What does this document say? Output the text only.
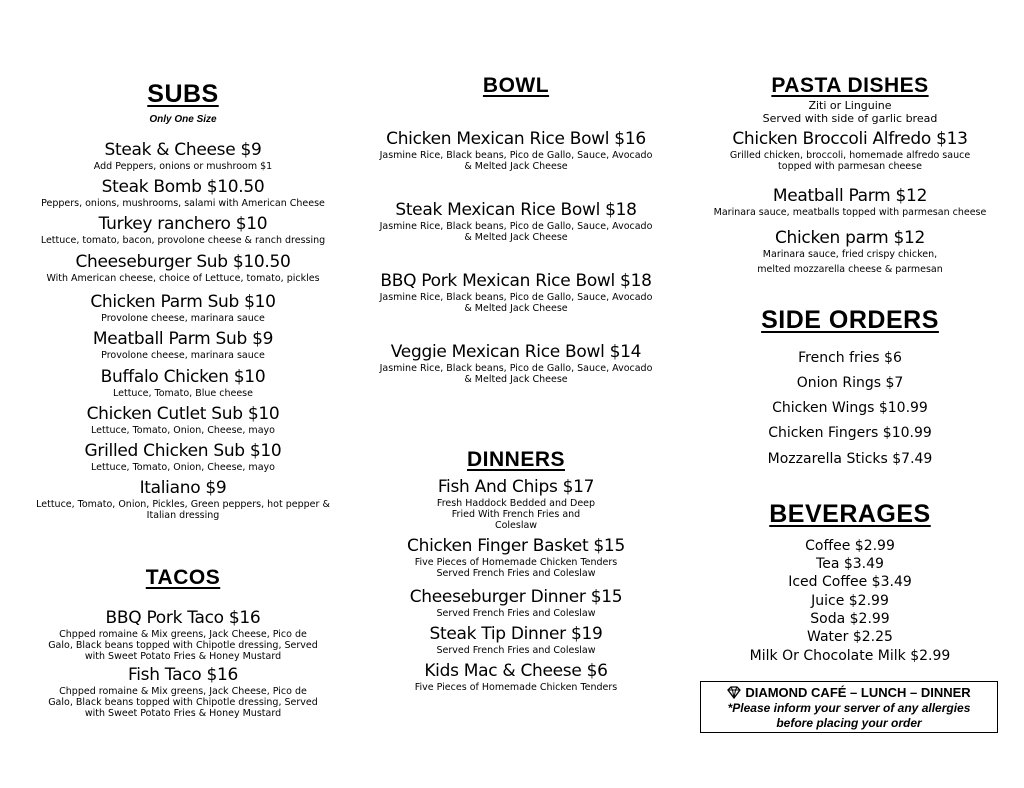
SUBS
Only One Size
Steak & Cheese $9
Add Peppers, onions or mushroom $1
Steak Bomb $10.50
Peppers, onions, mushrooms, salami with American Cheese
Turkey ranchero $10
Lettuce, tomato, bacon, provolone cheese & ranch dressing
Cheeseburger Sub $10.50
With American cheese, choice of Lettuce, tomato, pickles
Chicken Parm Sub $10
Provolone cheese, marinara sauce
Meatball Parm Sub $9
Provolone cheese, marinara sauce
Buffalo Chicken $10
Lettuce, Tomato, Blue cheese
Chicken Cutlet Sub $10
Lettuce, Tomato, Onion, Cheese, mayo
Grilled Chicken Sub $10
Lettuce, Tomato, Onion, Cheese, mayo
Italiano $9
Lettuce, Tomato, Onion, Pickles, Green peppers, hot pepper & Italian dressing
TACOS
BBQ Pork Taco $16
Chpped romaine & Mix greens, Jack Cheese, Pico de Galo, Black beans topped with Chipotle dressing, Served with Sweet Potato Fries & Honey Mustard
Fish Taco $16
Chpped romaine & Mix greens, Jack Cheese, Pico de Galo, Black beans topped with Chipotle dressing, Served with Sweet Potato Fries & Honey Mustard
BOWL
Chicken Mexican Rice Bowl $16
Jasmine Rice, Black beans, Pico de Gallo, Sauce, Avocado & Melted Jack Cheese
Steak Mexican Rice Bowl $18
Jasmine Rice, Black beans, Pico de Gallo, Sauce, Avocado & Melted Jack Cheese
BBQ Pork Mexican Rice Bowl $18
Jasmine Rice, Black beans, Pico de Gallo, Sauce, Avocado & Melted Jack Cheese
Veggie Mexican Rice Bowl $14
Jasmine Rice, Black beans, Pico de Gallo, Sauce, Avocado & Melted Jack Cheese
DINNERS
Fish And Chips $17
Fresh Haddock Bedded and Deep Fried With French Fries and Coleslaw
Chicken Finger Basket $15
Five Pieces of Homemade Chicken Tenders Served French Fries and Coleslaw
Cheeseburger Dinner $15
Served French Fries and Coleslaw
Steak Tip Dinner $19
Served French Fries and Coleslaw
Kids Mac & Cheese $6
Five Pieces of Homemade Chicken Tenders
PASTA DISHES
Ziti or Linguine
Served with side of garlic bread
Chicken Broccoli Alfredo $13
Grilled chicken, broccoli, homemade alfredo sauce topped with parmesan cheese
Meatball Parm $12
Marinara sauce, meatballs topped with parmesan cheese
Chicken parm $12
Marinara sauce, fried crispy chicken,
melted mozzarella cheese & parmesan
SIDE ORDERS
French fries $6
Onion Rings $7
Chicken Wings $10.99
Chicken Fingers $10.99
Mozzarella Sticks $7.49
BEVERAGES
Coffee $2.99
Tea $3.49
Iced Coffee $3.49
Juice $2.99
Soda $2.99
Water $2.25
Milk Or Chocolate Milk $2.99
DIAMOND CAFÉ – LUNCH – DINNER
*Please inform your server of any allergies
before placing your order
